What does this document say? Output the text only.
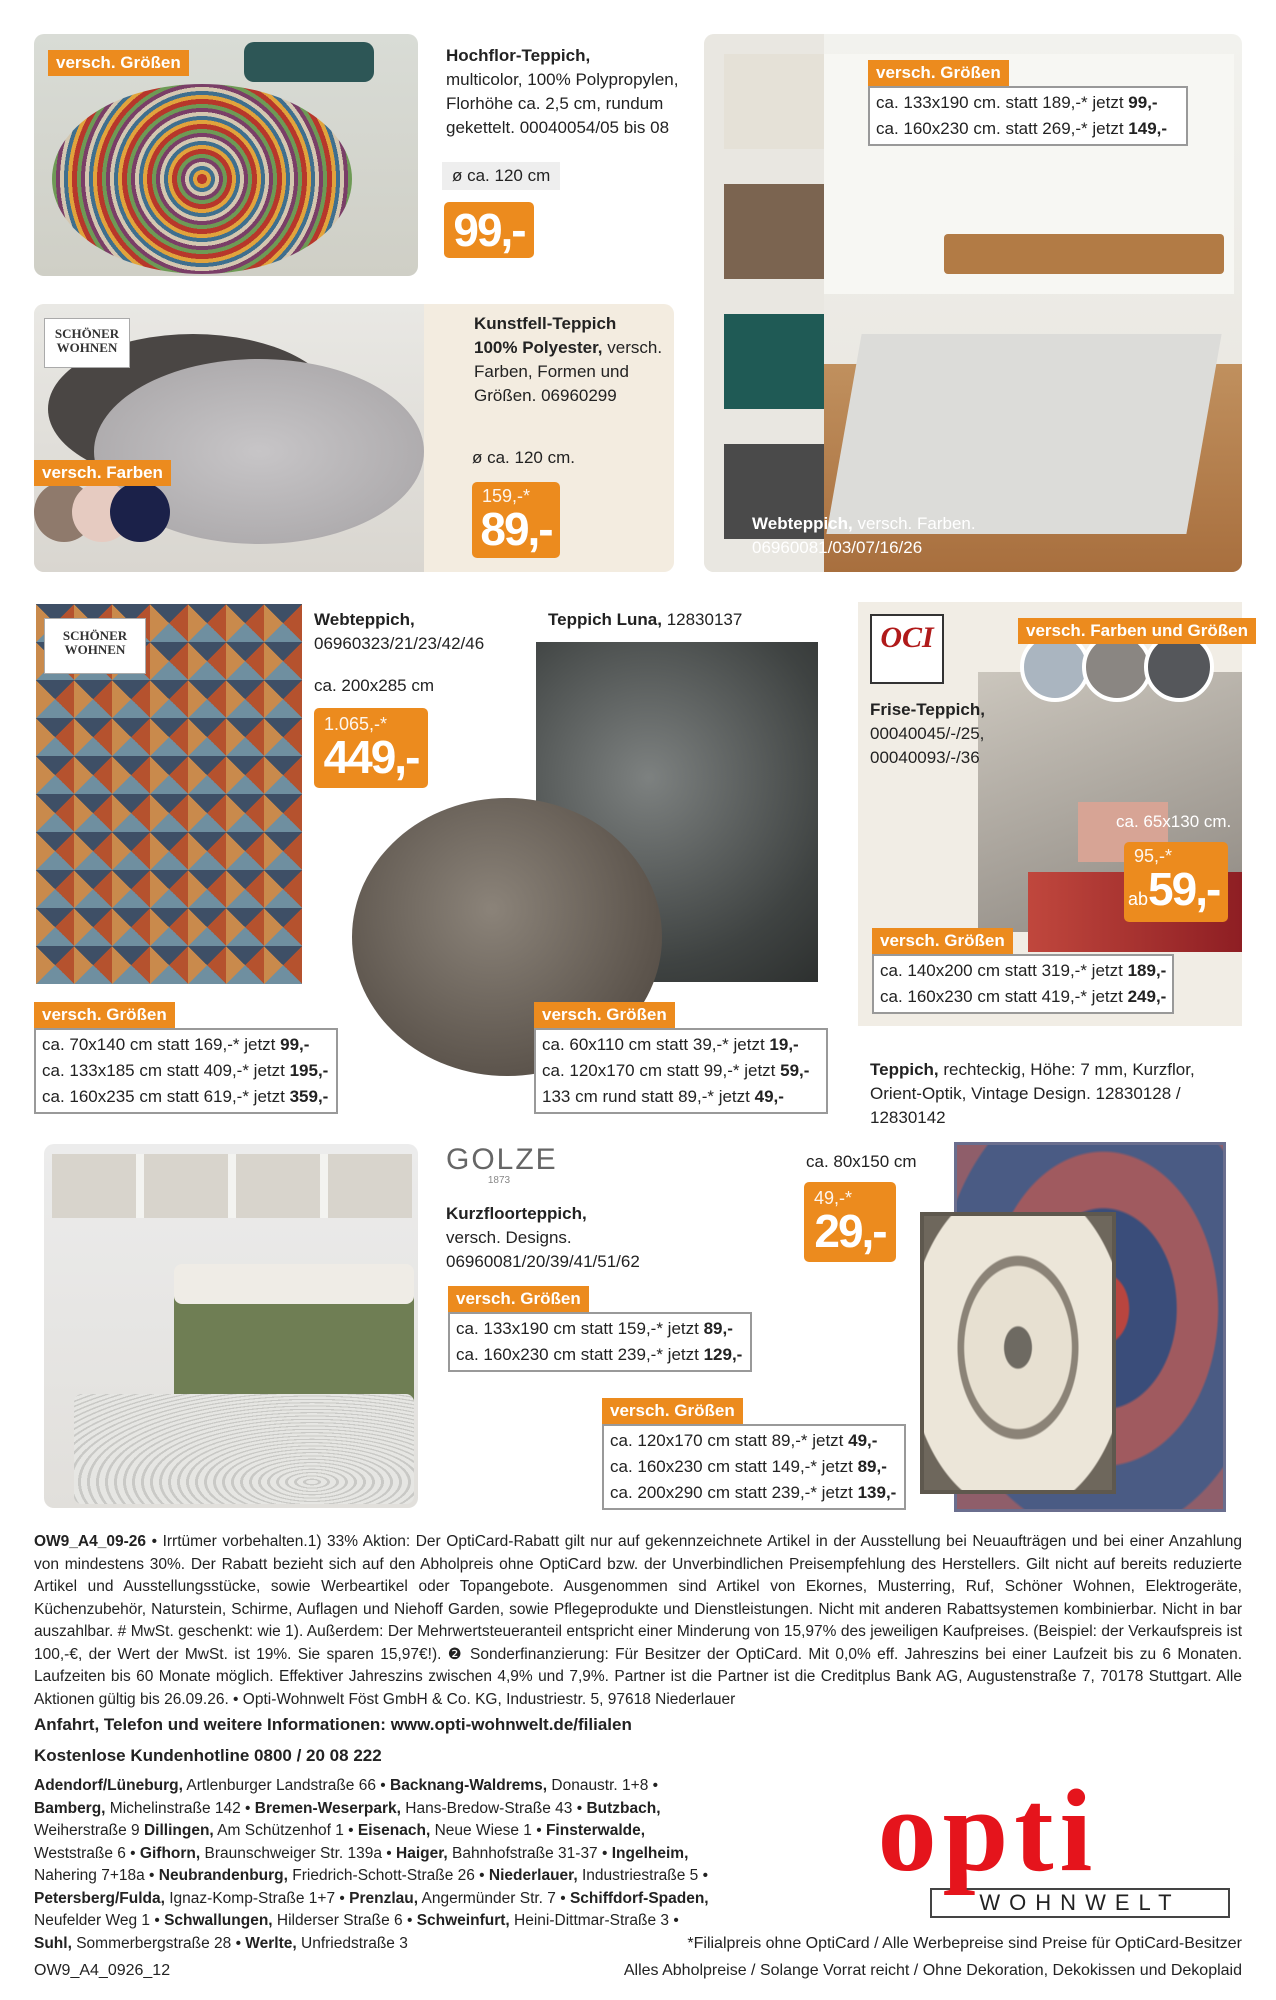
versch. Größen	Hochflor-Teppich,
multicolor, 100% Polypropylen,
Florhöhe ca. 2,5 cm, rundum
gekettelt. 00040054/05 bis 08
ø ca. 120 cm
99,-
SCHÖNER WOHNEN
versch. Farben
Kunstfell-Teppich
100% Polyester, versch.
Farben, Formen und
Größen. 06960299
ø ca. 120 cm.
159,-*
89,-
versch. Größen
ca. 133x190 cm. statt 189,-* jetzt 99,-
ca. 160x230 cm. statt 269,-* jetzt 149,-
Webteppich, versch. Farben.
06960081/03/07/16/26
SCHÖNER WOHNEN
Webteppich,
06960323/21/23/42/46
ca. 200x285 cm
1.065,-*
449,-
versch. Größen
ca. 70x140 cm statt 169,-* jetzt 99,-
ca. 133x185 cm statt 409,-* jetzt 195,-
ca. 160x235 cm statt 619,-* jetzt 359,-
Teppich Luna, 12830137
versch. Größen
ca. 60x110 cm statt 39,-* jetzt 19,-
ca. 120x170 cm statt 99,-* jetzt 59,-
133 cm rund statt 89,-* jetzt 49,-
OCI	versch. Farben und Größen
Frise-Teppich,
00040045/-/25,
00040093/-/36
ca. 65x130 cm.
95,-*
ab59,-
versch. Größen
ca. 140x200 cm statt 319,-* jetzt 189,-
ca. 160x230 cm statt 419,-* jetzt 249,-
Teppich, rechteckig, Höhe: 7 mm, Kurzflor,
Orient-Optik, Vintage Design. 12830128 /
12830142
ca. 80x150 cm
49,-*
29,-
GOLZE
1873
Kurzfloorteppich,
versch. Designs.
06960081/20/39/41/51/62
versch. Größen
ca. 133x190 cm statt 159,-* jetzt 89,-
ca. 160x230 cm statt 239,-* jetzt 129,-
versch. Größen
ca. 120x170 cm statt 89,-* jetzt 49,-
ca. 160x230 cm statt 149,-* jetzt 89,-
ca. 200x290 cm statt 239,-* jetzt 139,-
OW9_A4_09-26 • Irrtümer vorbehalten.1) 33% Aktion: Der OptiCard-Rabatt gilt nur auf gekennzeichnete Artikel in der Ausstellung bei Neuaufträgen und bei einer Anzahlung von mindestens 30%. Der Rabatt bezieht sich auf den Abholpreis ohne OptiCard bzw. der Unverbindlichen Preisempfehlung des Herstellers. Gilt nicht auf bereits reduzierte Artikel und Ausstellungsstücke, sowie Werbeartikel oder Topangebote. Ausgenommen sind Artikel von Ekornes, Musterring, Ruf, Schöner Wohnen, Elektrogeräte, Küchenzubehör, Naturstein, Schirme, Auflagen und Niehoff Garden, sowie Pflegeprodukte und Dienstleistungen. Nicht mit anderen Rabattsystemen kombinierbar. Nicht in bar auszahlbar. # MwSt. geschenkt: wie 1). Außerdem: Der Mehrwertsteueranteil entspricht einer Minderung von 15,97% des jeweiligen Kaufpreises. (Beispiel: der Verkaufspreis ist 100,-€, der Wert der MwSt. ist 19%. Sie sparen 15,97€!). ❷ Sonderfinanzierung: Für Besitzer der OptiCard. Mit 0,0% eff. Jahreszins bei einer Laufzeit bis zu 6 Monaten. Laufzeiten bis 60 Monate möglich. Effektiver Jahreszins zwischen 4,9% und 7,9%. Partner ist die Partner ist die Creditplus Bank AG, Augustenstraße 7, 70178 Stuttgart. Alle Aktionen gültig bis 26.09.26. • Opti-Wohnwelt Föst GmbH & Co. KG, Industriestr. 5, 97618 Niederlauer
Anfahrt, Telefon und weitere Informationen: www.opti-wohnwelt.de/filialen
Kostenlose Kundenhotline 0800 / 20 08 222
Adendorf/Lüneburg, Artlenburger Landstraße 66 • Backnang-Waldrems, Donaustr. 1+8 • Bamberg, Michelinstraße 142 • Bremen-Weserpark, Hans-Bredow-Straße 43 • Butzbach, Weiherstraße 9 Dillingen, Am Schützenhof 1 • Eisenach, Neue Wiese 1 • Finsterwalde, Weststraße 6 • Gifhorn, Braunschweiger Str. 139a • Haiger, Bahnhofstraße 31-37 • Ingelheim, Nahering 7+18a • Neubrandenburg, Friedrich-Schott-Straße 26 • Niederlauer, Industriestraße 5 • Petersberg/Fulda, Ignaz-Komp-Straße 1+7 • Prenzlau, Angermünder Str. 7 • Schiffdorf-Spaden, Neufelder Weg 1 • Schwallungen, Hilderser Straße 6 • Schweinfurt, Heini-Dittmar-Straße 3 • Suhl, Sommerbergstraße 28 • Werlte, Unfriedstraße 3
opti
WOHNWELT
OW9_A4_0926_12
*Filialpreis ohne OptiCard / Alle Werbepreise sind Preise für OptiCard-Besitzer
Alles Abholpreise / Solange Vorrat reicht / Ohne Dekoration, Dekokissen und Dekoplaid
